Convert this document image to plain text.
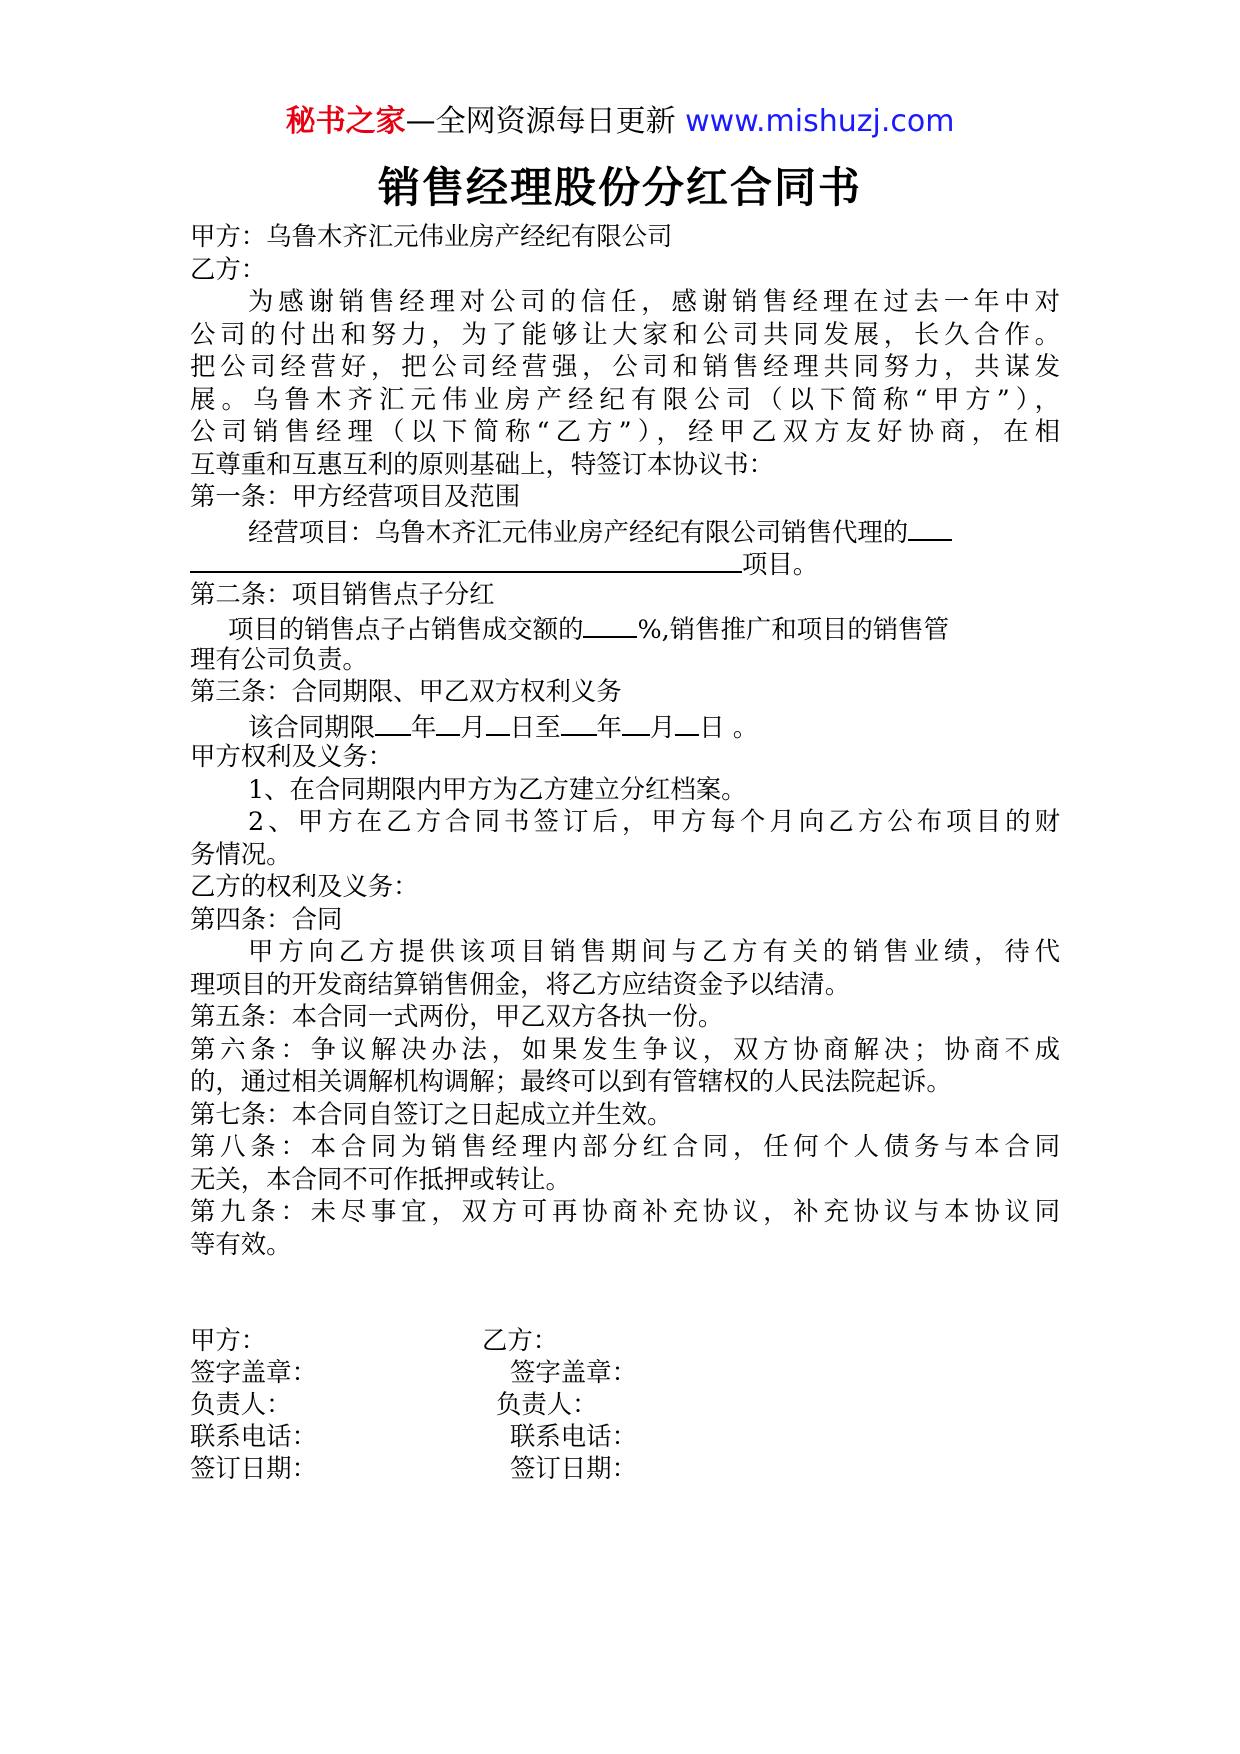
秘书之家—全网资源每日更新 www.mishuzj.com
销售经理股份分红合同书
甲方：乌鲁木齐汇元伟业房产经纪有限公司
乙方：
为感谢销售经理对公司的信任，感谢销售经理在过去一年中对
公司的付出和努力，为了能够让大家和公司共同发展，长久合作。
把公司经营好，把公司经营强，公司和销售经理共同努力，共谋发
展。乌鲁木齐汇元伟业房产经纪有限公司（以下简称“甲方”），
公司销售经理（以下简称“乙方”），经甲乙双方友好协商，在相
互尊重和互惠互利的原则基础上，特签订本协议书：
第一条：甲方经营项目及范围
经营项目：乌鲁木齐汇元伟业房产经纪有限公司销售代理的
项目。
第二条：项目销售点子分红
项目的销售点子占销售成交额的 %,销售推广和项目的销售管
理有公司负责。
第三条：合同期限、甲乙双方权利义务
该合同期限 年 月 日至 年 月 日 。
甲方权利及义务：
1、在合同期限内甲方为乙方建立分红档案。
2、甲方在乙方合同书签订后，甲方每个月向乙方公布项目的财
务情况。
乙方的权利及义务：
第四条：合同
甲方向乙方提供该项目销售期间与乙方有关的销售业绩，待代
理项目的开发商结算销售佣金，将乙方应结资金予以结清。
第五条：本合同一式两份，甲乙双方各执一份。
第六条：争议解决办法，如果发生争议，双方协商解决；协商不成
的，通过相关调解机构调解；最终可以到有管辖权的人民法院起诉。
第七条：本合同自签订之日起成立并生效。
第八条：本合同为销售经理内部分红合同，任何个人债务与本合同
无关，本合同不可作抵押或转让。
第九条：未尽事宜，双方可再协商补充协议，补充协议与本协议同
等有效。
甲方：
签字盖章：
负责人：
联系电话：
签订日期：
乙方：
签字盖章：
负责人：
联系电话：
签订日期：
